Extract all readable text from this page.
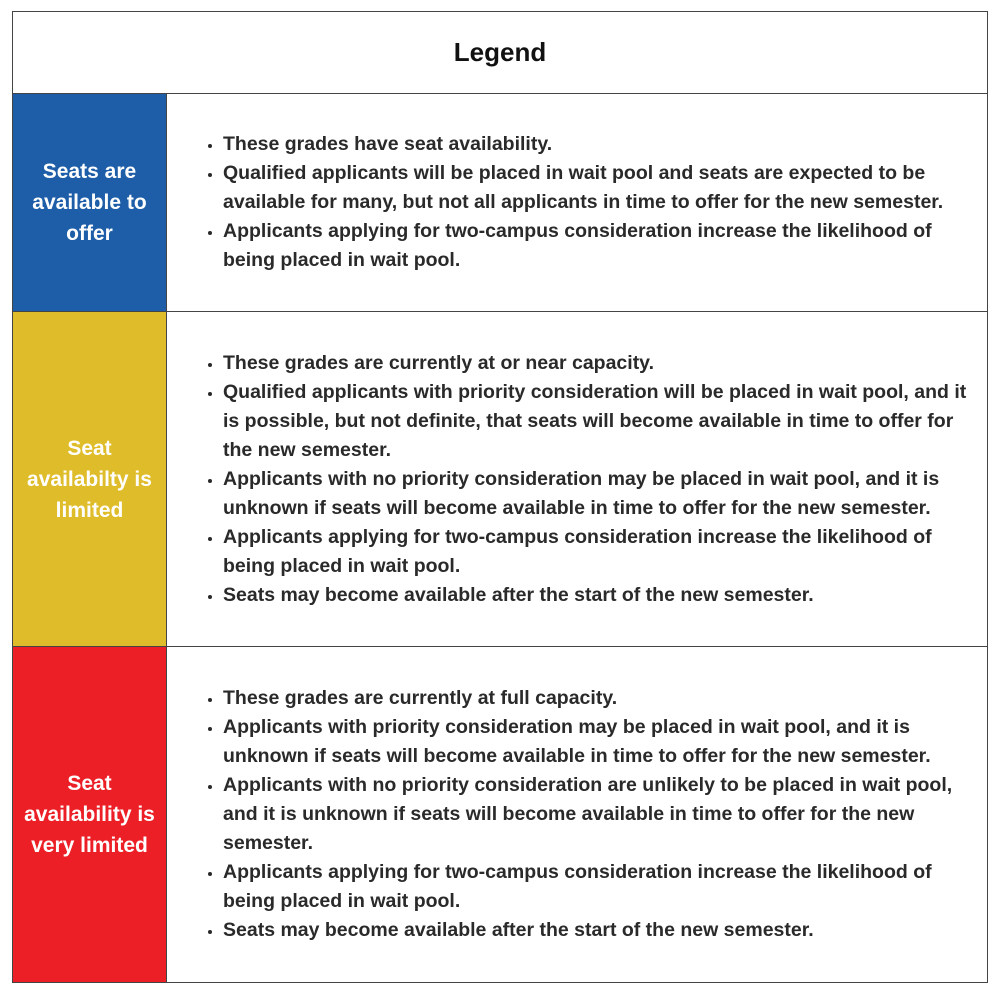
Legend
Seats are available to offer
• These grades have seat availability.
• Qualified applicants will be placed in wait pool and seats are expected to be available for many, but not all applicants in time to offer for the new semester.
• Applicants applying for two-campus consideration increase the likelihood of being placed in wait pool.
Seat availabilty is limited
• These grades are currently at or near capacity.
• Qualified applicants with priority consideration will be placed in wait pool, and it is possible, but not definite, that seats will become available in time to offer for the new semester.
• Applicants with no priority consideration may be placed in wait pool, and it is unknown if seats will become available in time to offer for the new semester.
• Applicants applying for two-campus consideration increase the likelihood of being placed in wait pool.
• Seats may become available after the start of the new semester.
Seat availability is very limited
• These grades are currently at full capacity.
• Applicants with priority consideration may be placed in wait pool, and it is unknown if seats will become available in time to offer for the new semester.
• Applicants with no priority consideration are unlikely to be placed in wait pool, and it is unknown if seats will become available in time to offer for the new semester.
• Applicants applying for two-campus consideration increase the likelihood of being placed in wait pool.
• Seats may become available after the start of the new semester.
